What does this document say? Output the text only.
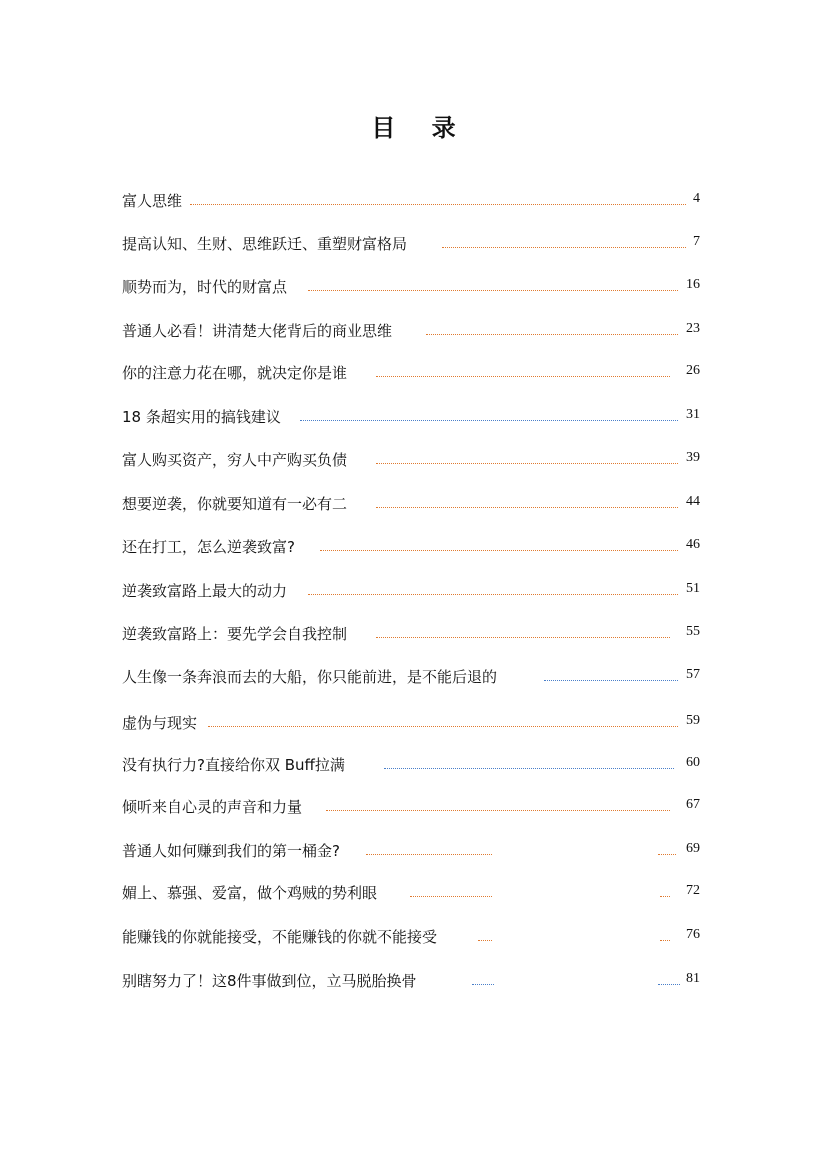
目 录
富人思维	4
提高认知、生财、思维跃迁、重塑财富格局	7
顺势而为，时代的财富点	16
普通人必看！讲清楚大佬背后的商业思维	23
你的注意力花在哪，就决定你是谁	26
18 条超实用的搞钱建议	31
富人购买资产，穷人中产购买负债	39
想要逆袭，你就要知道有一必有二	44
还在打工，怎么逆袭致富?	46
逆袭致富路上最大的动力	51
逆袭致富路上：要先学会自我控制	55
人生像一条奔浪而去的大船，你只能前进，是不能后退的	57
虚伪与现实	59
没有执行力?直接给你双 Buff拉满	60
倾听来自心灵的声音和力量	67
普通人如何赚到我们的第一桶金?	69
媚上、慕强、爱富，做个鸡贼的势利眼	72
能赚钱的你就能接受，不能赚钱的你就不能接受	76
别瞎努力了！这8件事做到位，立马脱胎换骨	81
